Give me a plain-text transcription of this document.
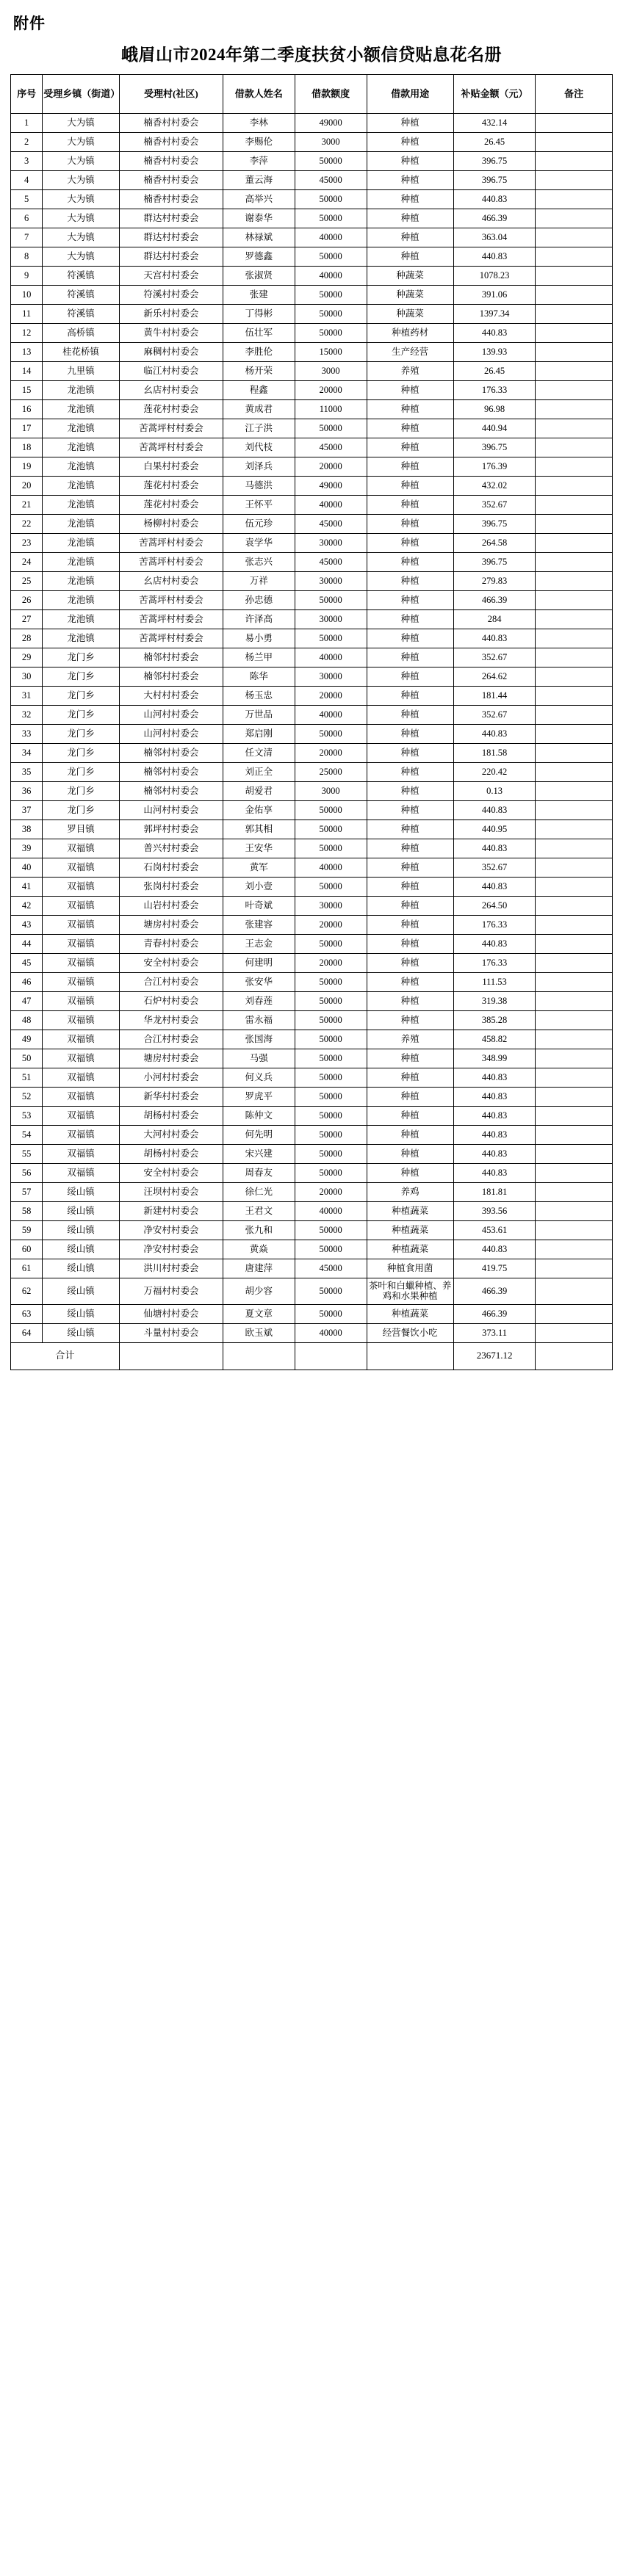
附件
峨眉山市2024年第二季度扶贫小额信贷贴息花名册
序号	受理乡镇（街道）	受理村(社区)	借款人姓名	借款额度	借款用途	补贴金额（元）	备注
1	大为镇	楠香村村委会	李林	49000	种植	432.14	
2	大为镇	楠香村村委会	李赐伦	3000	种植	26.45	
3	大为镇	楠香村村委会	李萍	50000	种植	396.75	
4	大为镇	楠香村村委会	董云海	45000	种植	396.75	
5	大为镇	楠香村村委会	高举兴	50000	种植	440.83	
6	大为镇	群达村村委会	谢泰华	50000	种植	466.39	
7	大为镇	群达村村委会	林禄斌	40000	种植	363.04	
8	大为镇	群达村村委会	罗德鑫	50000	种植	440.83	
9	符溪镇	天宫村村委会	张淑贤	40000	种蔬菜	1078.23	
10	符溪镇	符溪村村委会	张建	50000	种蔬菜	391.06	
11	符溪镇	新乐村村委会	丁得彬	50000	种蔬菜	1397.34	
12	高桥镇	黄牛村村委会	伍壮军	50000	种植药材	440.83	
13	桂花桥镇	麻稠村村委会	李胜伦	15000	生产经营	139.93	
14	九里镇	临江村村委会	杨开荣	3000	养殖	26.45	
15	龙池镇	幺店村村委会	程鑫	20000	种植	176.33	
16	龙池镇	莲花村村委会	黄成君	11000	种植	96.98	
17	龙池镇	苦蒿坪村村委会	江子洪	50000	种植	440.94	
18	龙池镇	苦蒿坪村村委会	刘代枝	45000	种植	396.75	
19	龙池镇	白果村村委会	刘泽兵	20000	种植	176.39	
20	龙池镇	莲花村村委会	马德洪	49000	种植	432.02	
21	龙池镇	莲花村村委会	王怀平	40000	种植	352.67	
22	龙池镇	杨柳村村委会	伍元珍	45000	种植	396.75	
23	龙池镇	苦蒿坪村村委会	袁学华	30000	种植	264.58	
24	龙池镇	苦蒿坪村村委会	张志兴	45000	种植	396.75	
25	龙池镇	幺店村村委会	万祥	30000	种植	279.83	
26	龙池镇	苦蒿坪村村委会	孙忠德	50000	种植	466.39	
27	龙池镇	苦蒿坪村村委会	许泽高	30000	种植	284	
28	龙池镇	苦蒿坪村村委会	易小勇	50000	种植	440.83	
29	龙门乡	楠邻村村委会	杨兰甲	40000	种植	352.67	
30	龙门乡	楠邻村村委会	陈华	30000	种植	264.62	
31	龙门乡	大村村村委会	杨玉忠	20000	种植	181.44	
32	龙门乡	山河村村委会	万世品	40000	种植	352.67	
33	龙门乡	山河村村委会	郑启刚	50000	种植	440.83	
34	龙门乡	楠邻村村委会	任文清	20000	种植	181.58	
35	龙门乡	楠邻村村委会	刘正全	25000	种植	220.42	
36	龙门乡	楠邻村村委会	胡爱君	3000	种植	0.13	
37	龙门乡	山河村村委会	金佑享	50000	种植	440.83	
38	罗目镇	郭坪村村委会	郭其相	50000	种植	440.95	
39	双福镇	普兴村村委会	王安华	50000	种植	440.83	
40	双福镇	石岗村村委会	黄军	40000	种植	352.67	
41	双福镇	张岗村村委会	刘小壹	50000	种植	440.83	
42	双福镇	山岩村村委会	叶奇斌	30000	种植	264.50	
43	双福镇	塘房村村委会	张建容	20000	种植	176.33	
44	双福镇	青春村村委会	王志金	50000	种植	440.83	
45	双福镇	安全村村委会	何建明	20000	种植	176.33	
46	双福镇	合江村村委会	张安华	50000	种植	111.53	
47	双福镇	石炉村村委会	刘春莲	50000	种植	319.38	
48	双福镇	华龙村村委会	雷永福	50000	种植	385.28	
49	双福镇	合江村村委会	张国海	50000	养殖	458.82	
50	双福镇	塘房村村委会	马强	50000	种植	348.99	
51	双福镇	小河村村委会	何义兵	50000	种植	440.83	
52	双福镇	新华村村委会	罗虎平	50000	种植	440.83	
53	双福镇	胡杨村村委会	陈仲文	50000	种植	440.83	
54	双福镇	大河村村委会	何先明	50000	种植	440.83	
55	双福镇	胡杨村村委会	宋兴建	50000	种植	440.83	
56	双福镇	安全村村委会	周春友	50000	种植	440.83	
57	绥山镇	汪坝村村委会	徐仁光	20000	养鸡	181.81	
58	绥山镇	新建村村委会	王君文	40000	种植蔬菜	393.56	
59	绥山镇	净安村村委会	张九和	50000	种植蔬菜	453.61	
60	绥山镇	净安村村委会	黄焱	50000	种植蔬菜	440.83	
61	绥山镇	洪川村村委会	唐建萍	45000	种植食用菌	419.75	
62	绥山镇	万福村村委会	胡少容	50000	茶叶和白蠟种植、养鸡和水果种植	466.39	
63	绥山镇	仙塘村村委会	夏文章	50000	种植蔬菜	466.39	
64	绥山镇	斗量村村委会	欧玉斌	40000	经营餐饮小吃	373.11	
合计						23671.12	
